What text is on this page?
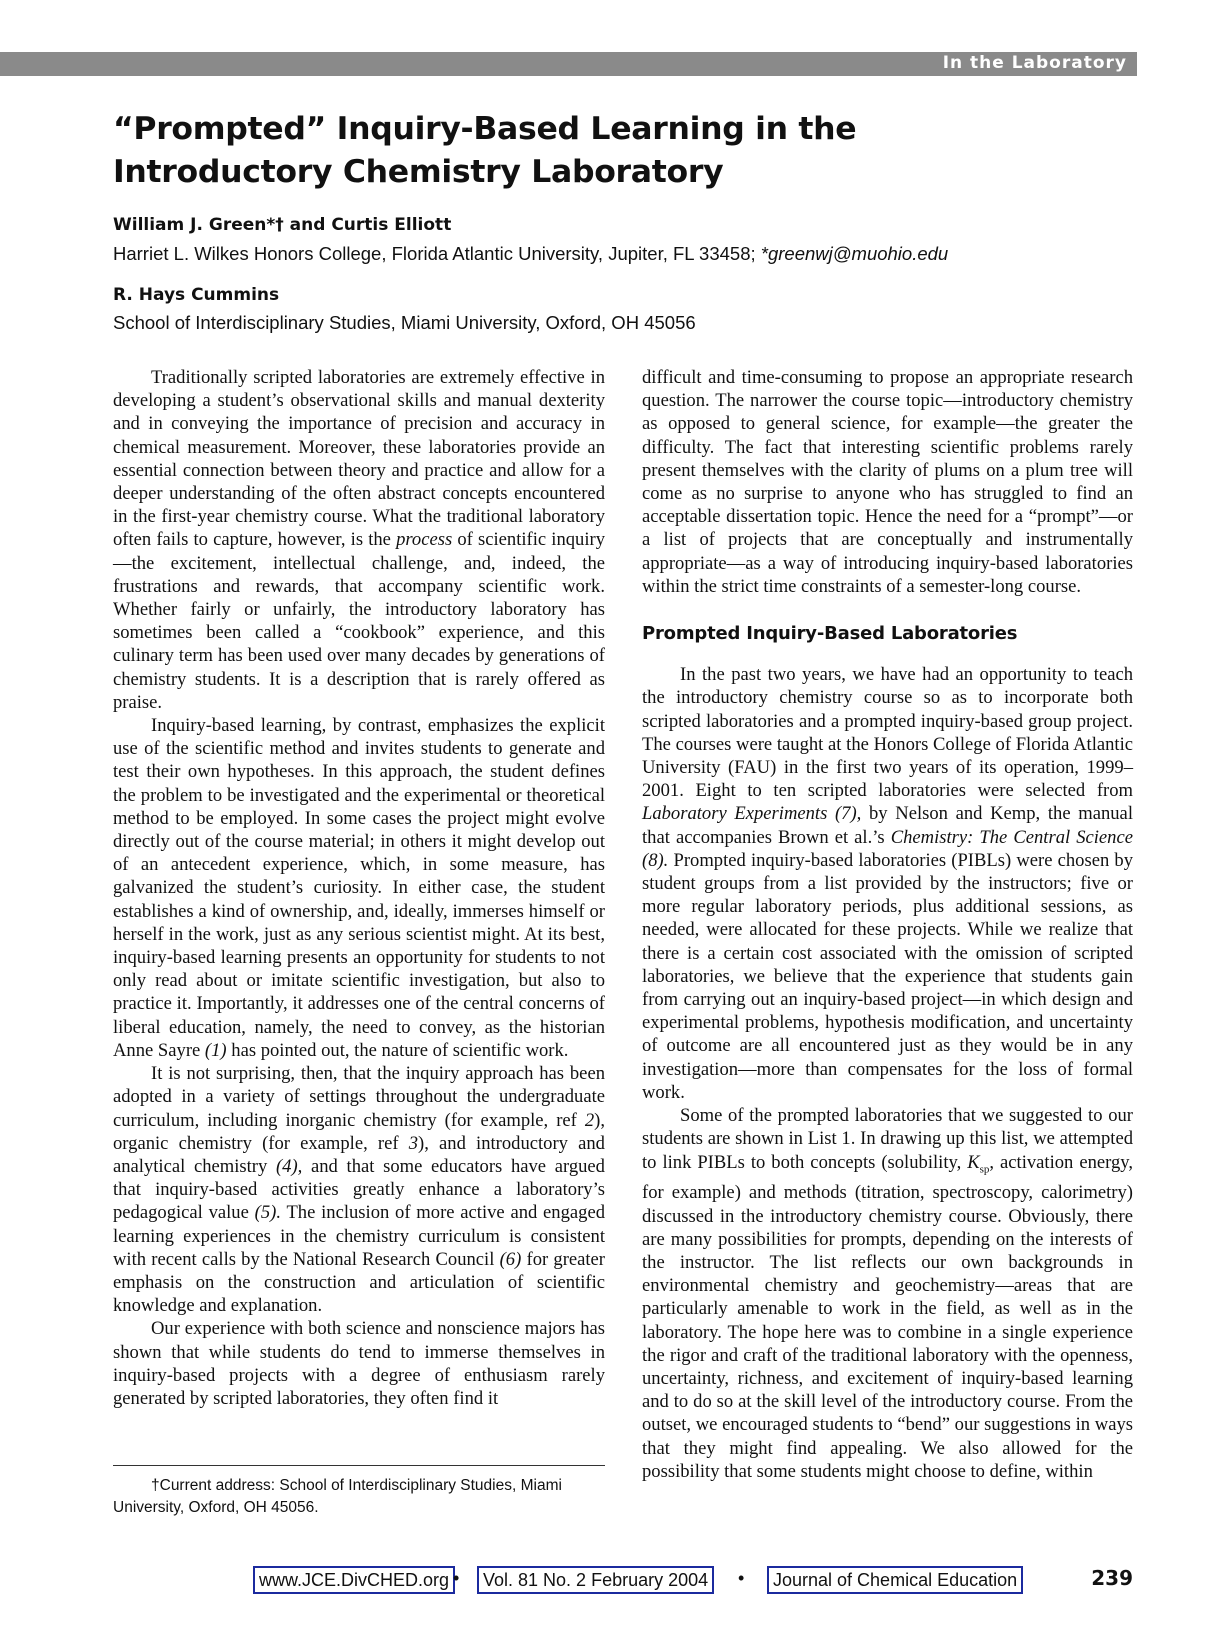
In the Laboratory
“Prompted” Inquiry-Based Learning in the Introductory Chemistry Laboratory
William J. Green*† and Curtis Elliott
Harriet L. Wilkes Honors College, Florida Atlantic University, Jupiter, FL 33458; *greenwj@muohio.edu
R. Hays Cummins
School of Interdisciplinary Studies, Miami University, Oxford, OH 45056

Traditionally scripted laboratories are extremely effective in developing a student’s observational skills and manual dexterity and in conveying the importance of precision and accuracy in chemical measurement. Moreover, these laboratories provide an essential connection between theory and practice and allow for a deeper understanding of the often abstract concepts encountered in the first-year chemistry course. What the traditional laboratory often fails to capture, however, is the process of scientific inquiry—the excitement, intellectual challenge, and, indeed, the frustrations and rewards, that accompany scientific work. Whether fairly or unfairly, the introductory laboratory has sometimes been called a “cookbook” experience, and this culinary term has been used over many decades by generations of chemistry students. It is a description that is rarely offered as praise.

Inquiry-based learning, by contrast, emphasizes the explicit use of the scientific method and invites students to generate and test their own hypotheses. In this approach, the student defines the problem to be investigated and the experimental or theoretical method to be employed. In some cases the project might evolve directly out of the course material; in others it might develop out of an antecedent experience, which, in some measure, has galvanized the student’s curiosity. In either case, the student establishes a kind of ownership, and, ideally, immerses himself or herself in the work, just as any serious scientist might. At its best, inquiry-based learning presents an opportunity for students to not only read about or imitate scientific investigation, but also to practice it. Importantly, it addresses one of the central concerns of liberal education, namely, the need to convey, as the historian Anne Sayre (1) has pointed out, the nature of scientific work.

It is not surprising, then, that the inquiry approach has been adopted in a variety of settings throughout the undergraduate curriculum, including inorganic chemistry (for example, ref 2), organic chemistry (for example, ref 3), and introductory and analytical chemistry (4), and that some educators have argued that inquiry-based activities greatly enhance a laboratory’s pedagogical value (5). The inclusion of more active and engaged learning experiences in the chemistry curriculum is consistent with recent calls by the National Research Council (6) for greater emphasis on the construction and articulation of scientific knowledge and explanation.

Our experience with both science and nonscience majors has shown that while students do tend to immerse themselves in inquiry-based projects with a degree of enthusiasm rarely generated by scripted laboratories, they often find it

†Current address: School of Interdisciplinary Studies, Miami
University, Oxford, OH 45056.

difficult and time-consuming to propose an appropriate research question. The narrower the course topic—introductory chemistry as opposed to general science, for example—the greater the difficulty. The fact that interesting scientific problems rarely present themselves with the clarity of plums on a plum tree will come as no surprise to anyone who has struggled to find an acceptable dissertation topic. Hence the need for a “prompt”—or a list of projects that are conceptually and instrumentally appropriate—as a way of introducing inquiry-based laboratories within the strict time constraints of a semester-long course.

Prompted Inquiry-Based Laboratories

In the past two years, we have had an opportunity to teach the introductory chemistry course so as to incorporate both scripted laboratories and a prompted inquiry-based group project. The courses were taught at the Honors College of Florida Atlantic University (FAU) in the first two years of its operation, 1999–2001. Eight to ten scripted laboratories were selected from Laboratory Experiments (7), by Nelson and Kemp, the manual that accompanies Brown et al.’s Chemistry: The Central Science (8). Prompted inquiry-based laboratories (PIBLs) were chosen by student groups from a list provided by the instructors; five or more regular laboratory periods, plus additional sessions, as needed, were allocated for these projects. While we realize that there is a certain cost associated with the omission of scripted laboratories, we believe that the experience that students gain from carrying out an inquiry-based project—in which design and experimental problems, hypothesis modification, and uncertainty of outcome are all encountered just as they would be in any investigation—more than compensates for the loss of formal work.

Some of the prompted laboratories that we suggested to our students are shown in List 1. In drawing up this list, we attempted to link PIBLs to both concepts (solubility, $K_{sp}$, activation energy, for example) and methods (titration, spectroscopy, calorimetry) discussed in the introductory chemistry course. Obviously, there are many possibilities for prompts, depending on the interests of the instructor. The list reflects our own backgrounds in environmental chemistry and geochemistry—areas that are particularly amenable to work in the field, as well as in the laboratory. The hope here was to combine in a single experience the rigor and craft of the traditional laboratory with the openness, uncertainty, richness, and excitement of inquiry-based learning and to do so at the skill level of the introductory course. From the outset, we encouraged students to “bend” our suggestions in ways that they might find appealing. We also allowed for the possibility that some students might choose to define, within

www.JCE.DivCHED.org •	Vol. 81 No. 2 February 2004	•	Journal of Chemical Education	239
